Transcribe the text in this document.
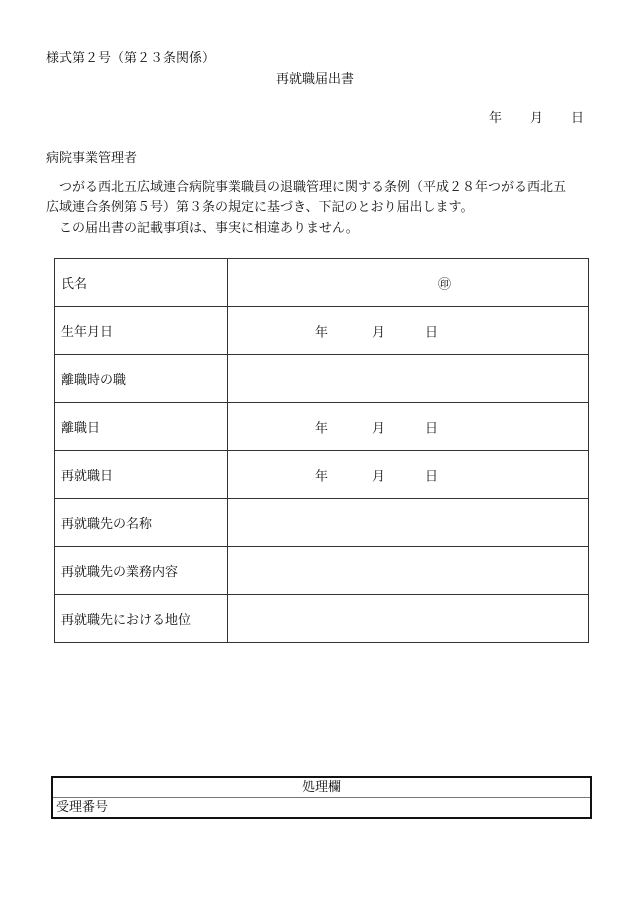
様式第２号（第２３条関係）
再就職届出書
年 月 日
病院事業管理者
　つがる西北五広域連合病院事業職員の退職管理に関する条例（平成２８年つがる西北五
広域連合条例第５号）第３条の規定に基づき、下記のとおり届出します。
　この届出書の記載事項は、事実に相違ありません。
氏名	㊞

生年月日	年 月 日

離職時の職	
離職日	年 月 日

再就職日	年 月 日

再就職先の名称	
再就職先の業務内容	
再就職先における地位	
処理欄
受理番号
